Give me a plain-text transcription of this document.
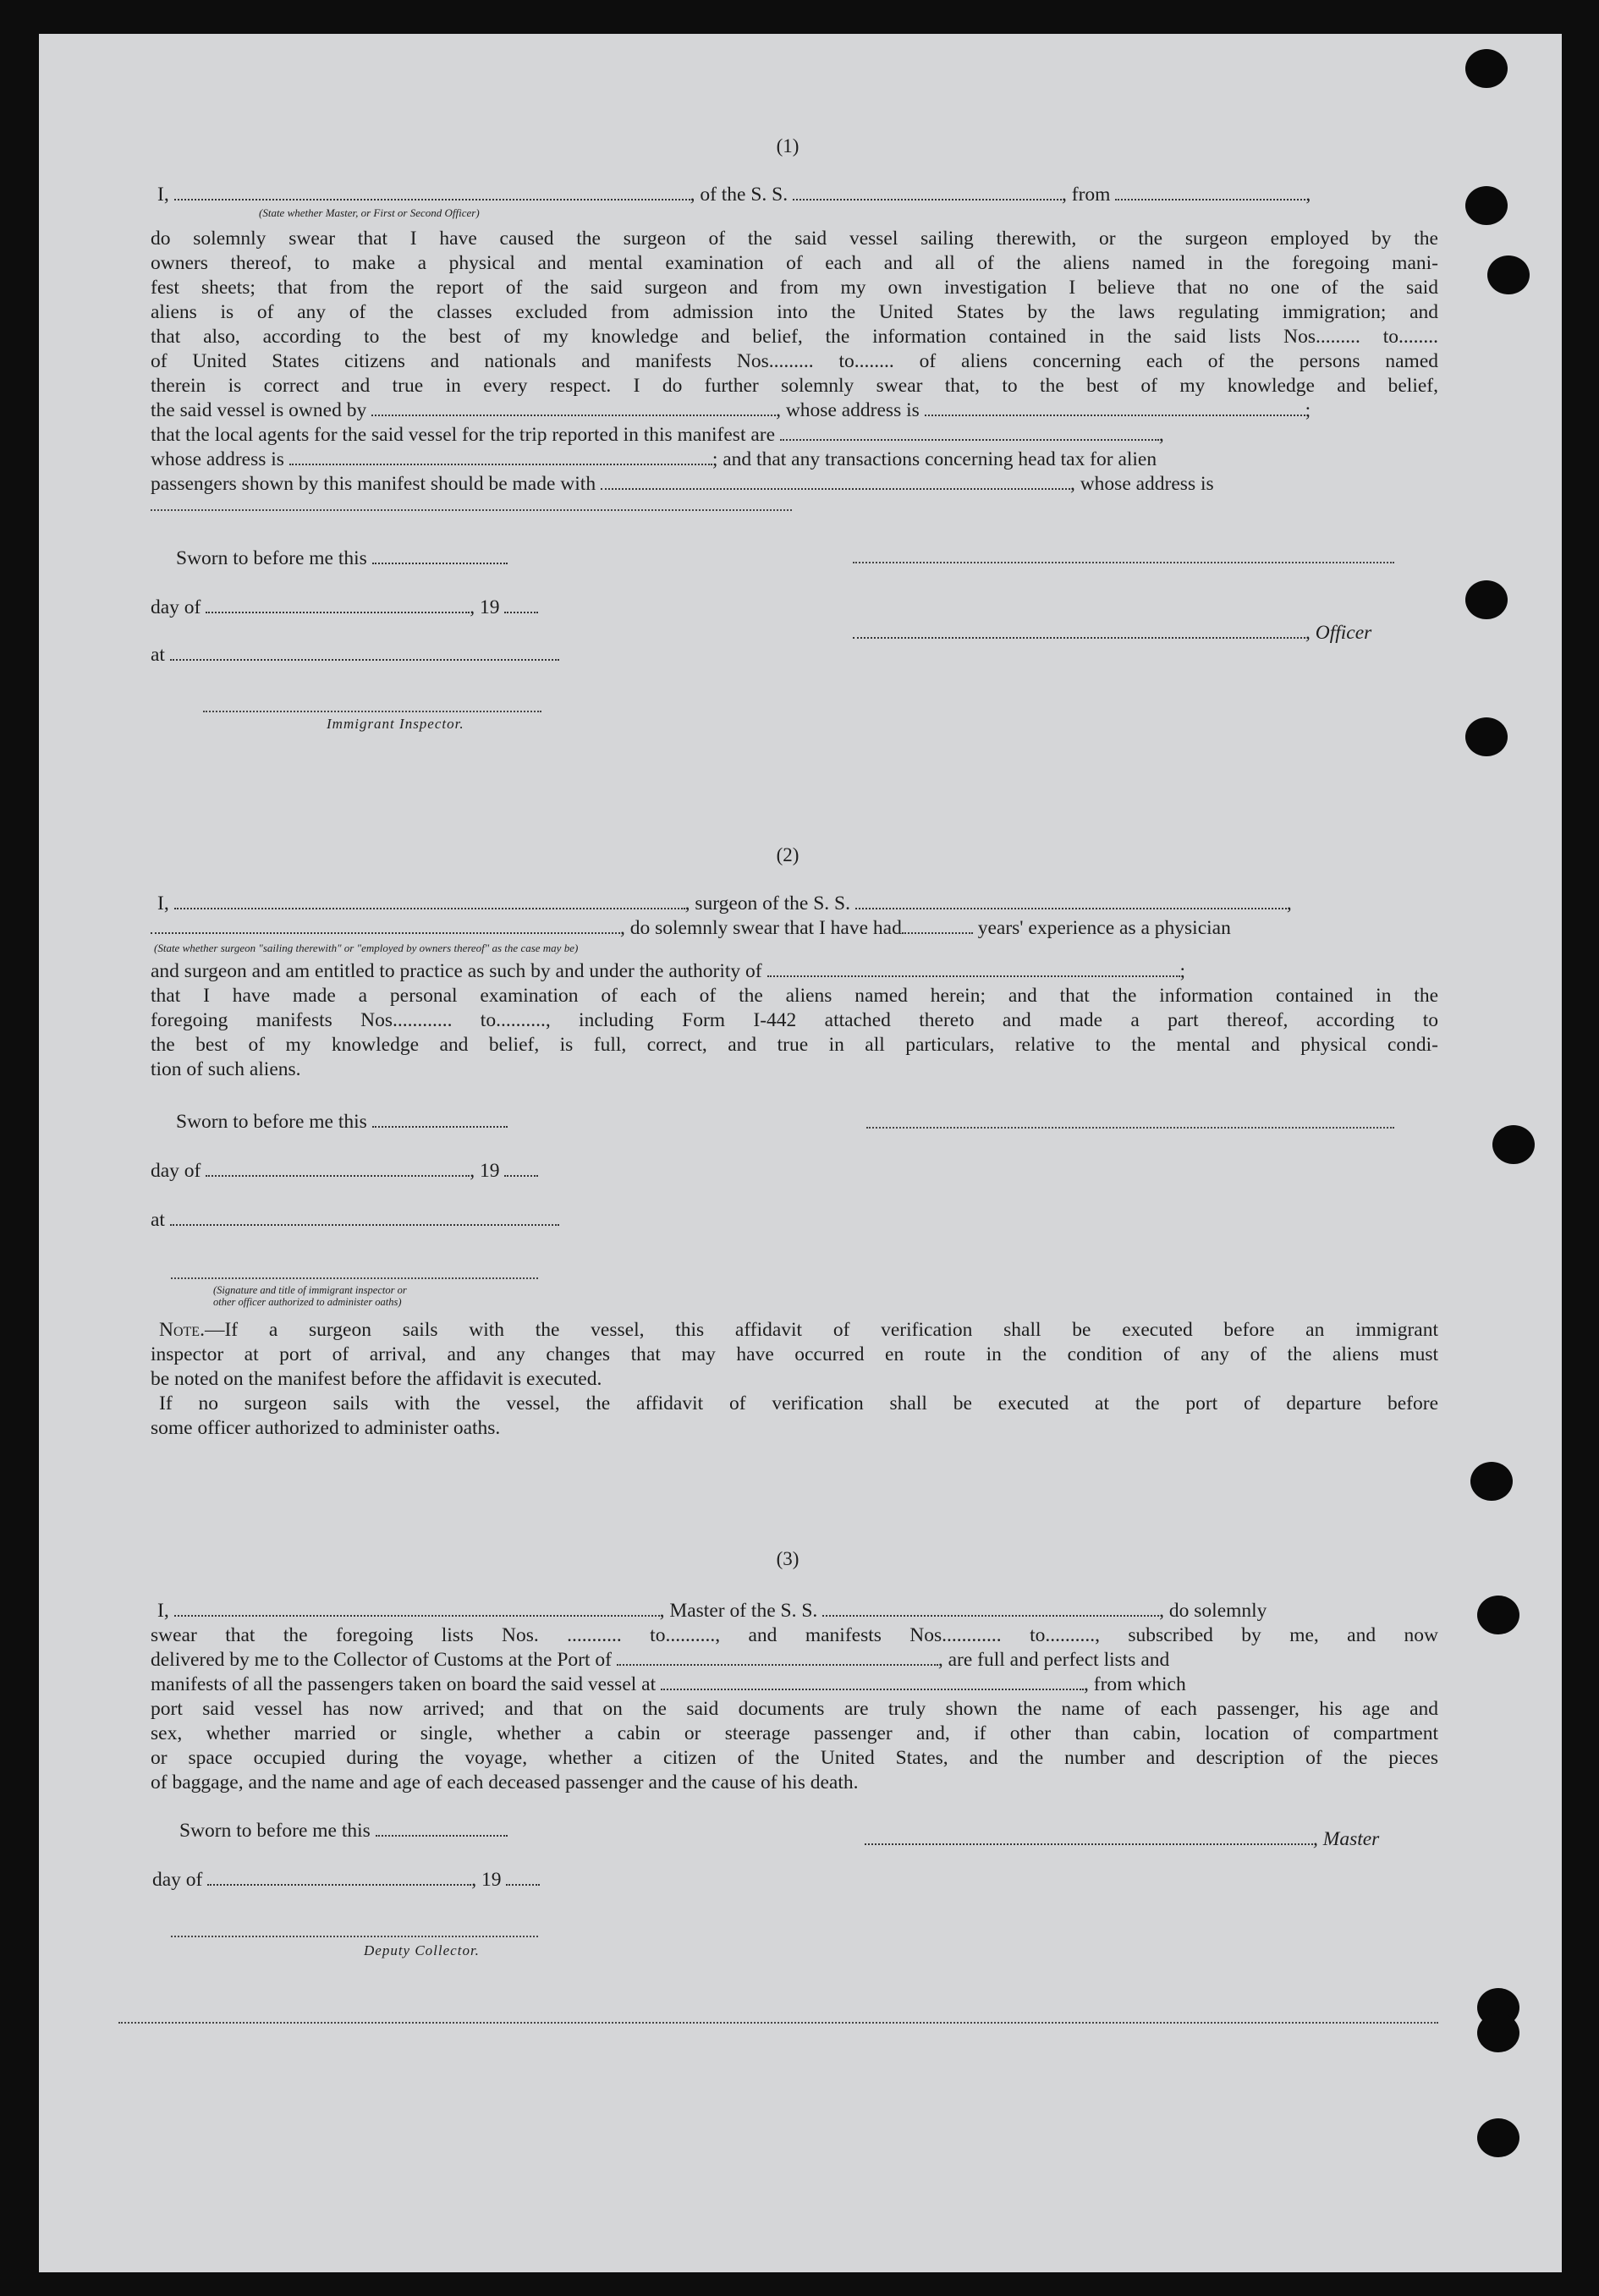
(1)
I,	, of the S. S.	, from	,
(State whether Master, or First or Second Officer)
do solemnly swear that I have caused the surgeon of the said vessel sailing therewith, or the surgeon employed by the
owners thereof, to make a physical and mental examination of each and all of the aliens named in the foregoing mani-
fest sheets; that from the report of the said surgeon and from my own investigation I believe that no one of the said
aliens is of any of the classes excluded from admission into the United States by the laws regulating immigration; and
that also, according to the best of my knowledge and belief, the information contained in the said lists Nos......... to........
of United States citizens and nationals and manifests Nos......... to........ of aliens concerning each of the persons named
therein is correct and true in every respect. I do further solemnly swear that, to the best of my knowledge and belief,
the said vessel is owned by	, whose address is	;
that the local agents for the said vessel for the trip reported in this manifest are	,
whose address is	; and that any transactions concerning head tax for alien
passengers shown by this manifest should be made with	, whose address is
Sworn to before me this
day of	, 19
, Officer
at
Immigrant Inspector.
(2)
I,	, surgeon of the S. S.	,
, do solemnly swear that I have had	years' experience as a physician
(State whether surgeon "sailing therewith" or "employed by owners thereof" as the case may be)
and surgeon and am entitled to practice as such by and under the authority of	;
that I have made a personal examination of each of the aliens named herein; and that the information contained in the
foregoing manifests Nos............ to.........., including Form I-442 attached thereto and made a part thereof, according to
the best of my knowledge and belief, is full, correct, and true in all particulars, relative to the mental and physical condi-
tion of such aliens.
Sworn to before me this
day of	, 19
at
(Signature and title of immigrant inspector or
other officer authorized to administer oaths)
Note.—If a surgeon sails with the vessel, this affidavit of verification shall be executed before an immigrant
inspector at port of arrival, and any changes that may have occurred en route in the condition of any of the aliens must
be noted on the manifest before the affidavit is executed.
If no surgeon sails with the vessel, the affidavit of verification shall be executed at the port of departure before
some officer authorized to administer oaths.
(3)
I,	, Master of the S. S.	, do solemnly
swear that the foregoing lists Nos. ........... to.........., and manifests Nos............ to.........., subscribed by me, and now
delivered by me to the Collector of Customs at the Port of	, are full and perfect lists and
manifests of all the passengers taken on board the said vessel at	, from which
port said vessel has now arrived; and that on the said documents are truly shown the name of each passenger, his age and
sex, whether married or single, whether a cabin or steerage passenger and, if other than cabin, location of compartment
or space occupied during the voyage, whether a citizen of the United States, and the number and description of the pieces
of baggage, and the name and age of each deceased passenger and the cause of his death.
Sworn to before me this	, Master
day of	, 19
Deputy Collector.
